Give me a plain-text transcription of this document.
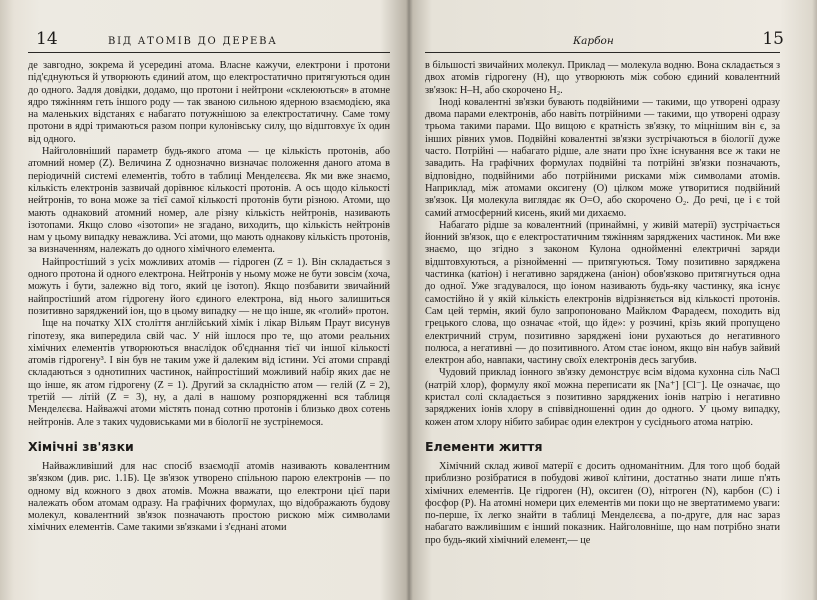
14	ВІД АТОМІВ ДО ДЕРЕВА

де завгодно, зокрема й усередині атома. Власне кажучи, електрони і протони під'єднуються й утворюють єдиний атом, що електростатично притягуються один до одного. Задля довідки, додамо, що протони і нейтрони «склеюються» в атомне ядро тяжінням геть іншого роду — так званою сильною ядерною взаємодією, яка на маленьких відстанях є набагато потужнішою за електростатичну. Саме тому протони в ядрі тримаються разом попри кулонівську силу, що відштовхує їх один від одного.

Найголовніший параметр будь-якого атома — це кількість протонів, або атомний номер (Z). Величина Z однозначно визначає положення даного атома в періодичній системі елементів, тобто в таблиці Менделєєва. Як ми вже знаємо, кількість електронів зазвичай дорівнює кількості протонів. А ось щодо кількості нейтронів, то вона може за тієї самої кількості протонів бути різною. Атоми, що мають однаковий атомний номер, але різну кількість нейтронів, називають ізотопами. Якщо слово «ізотопи» не згадано, виходить, що кількість нейтронів нам у цьому випадку неважлива. Усі атоми, що мають однакову кількість протонів, за визначенням, належать до одного хімічного елемента.

Найпростіший з усіх можливих атомів — гідроген (Z = 1). Він складається з одного протона й одного електрона. Нейтронів у ньому може не бути зовсім (хоча, можуть і бути, залежно від того, який це ізотоп). Якщо позбавити звичайний найпростіший атом гідрогену його єдиного електрона, від нього залишиться позитивно заряджений іон, що в цьому випадку — не що інше, як «голий» протон.

Іще на початку XIX століття англійський хімік і лікар Вільям Праут висунув гіпотезу, яка випередила свій час. У ній ішлося про те, що атоми реальних хімічних елементів утворюються внаслідок об'єднання тієї чи іншої кількості атомів гідрогену³. І він був не таким уже й далеким від істини. Усі атоми справді складаються з однотипних частинок, найпростіший можливий набір яких дає не що інше, як атом гідрогену (Z = 1). Другий за складністю атом — гелій (Z = 2), третій — літій (Z = 3), ну, а далі в нашому розпорядженні вся таблиця Менделєєва. Найважчі атоми містять понад сотню протонів і близько двох сотень нейтронів. Але з таких чудовиськами ми в біології не зустрінемося.

Хімічні зв'язки

Найважливіший для нас спосіб взаємодії атомів називають ковалентним зв'язком (див. рис. 1.1Б). Це зв'язок утворено спільною парою електронів — по одному від кожного з двох атомів. Можна вважати, що електрони цієї пари належать обом атомам одразу. На графічних формулах, що відображають будову молекул, ковалентний зв'язок позначають простою рискою між символами хімічних елементів. Саме такими зв'язками і з'єднані атоми

Карбон	15

в більшості звичайних молекул. Приклад — молекула водню. Вона складається з двох атомів гідрогену (H), що утворюють між собою єдиний ковалентний зв'язок: H–H, або скорочено H₂.

Іноді ковалентні зв'язки бувають подвійними — такими, що утворені одразу двома парами електронів, або навіть потрійними — такими, що утворені одразу трьома такими парами. Що вищою є кратність зв'язку, то міцнішим він є, за інших рівних умов. Подвійні ковалентні зв'язки зустрічаються в біології дуже часто. Потрійні — набагато рідше, але знати про їхнє існування все ж таки не завадить. На графічних формулах подвійні та потрійні зв'язки позначають, відповідно, подвійними або потрійними рисками між символами атомів. Наприклад, між атомами оксигену (O) цілком може утворитися подвійний зв'язок. Ця молекула виглядає як O=O, або скорочено O₂. До речі, це і є той самий атмосферний кисень, який ми дихаємо.

Набагато рідше за ковалентний (принаймні, у живій матерії) зустрічається йонний зв'язок, що є електростатичним тяжінням заряджених частинок. Ми вже знаємо, що згідно з законом Кулона однойменні електричні заряди відштовхуються, а різнойменні — притягуються. Тому позитивно заряджена частинка (катіон) і негативно заряджена (аніон) обов'язково притягнуться одна до одної. Уже згадувалося, що іоном називають будь-яку частинку, яка існує самостійно й у якій кількість електронів відрізняється від кількості протонів. Сам цей термін, який було запропоновано Майклом Фарадеєм, походить від грецького слова, що означає «той, що йде»: у розчині, крізь який пропущено електричний струм, позитивно заряджені іони рухаються до негативного полюса, а негативні — до позитивного. Атом стає іоном, якщо він набув зайвий електрон або, навпаки, частину своїх електронів десь загубив.

Чудовий приклад іонного зв'язку демонструє всім відома кухонна сіль NaCl (натрій хлор), формулу якої можна переписати як [Na⁺] [Cl⁻]. Це означає, що кристал солі складається з позитивно заряджених іонів натрію і негативно заряджених іонів хлору в співвідношенні один до одного. У цьому випадку, кожен атом хлору нібито забирає один електрон у сусіднього атома натрію.

Елементи життя

Хімічний склад живої матерії є досить одноманітним. Для того щоб бодай приблизно розібратися в побудові живої клітини, достатньо знати лише п'ять хімічних елементів. Це гідроген (H), оксиген (O), нітроген (N), карбон (C) і фосфор (P). На атомні номери цих елементів ми поки що не звертатимемо уваги: по-перше, їх легко знайти в таблиці Менделєєва, а по-друге, для нас зараз набагато важливішим є інший показник. Найголовніше, що нам потрібно знати про будь-який хімічний елемент,— це
